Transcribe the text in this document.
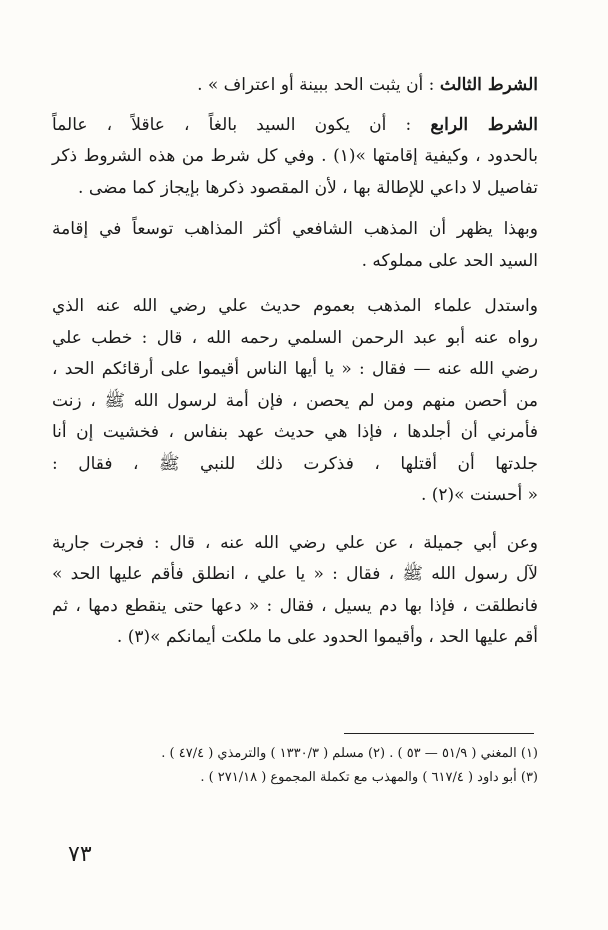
الشرط الثالث : أن يثبت الحد ببينة أو اعتراف » .

الشرط الرابع : أن يكون السيد بالغاً ، عاقلاً ، عالماً
بالحدود ، وكيفية إقامتها »(١) . وفي كل شرط من هذه الشروط ذكر
تفاصيل لا داعي للإطالة بها ، لأن المقصود ذكرها بإيجاز كما مضى .

وبهذا يظهر أن المذهب الشافعي أكثر المذاهب توسعاً في إقامة
السيد الحد على مملوكه .

واستدل علماء المذهب بعموم حديث علي رضي الله عنه الذي
رواه عنه أبو عبد الرحمن السلمي رحمه الله ، قال : خطب علي
رضي الله عنه — فقال : « يا أيها الناس أقيموا على أرقائكم الحد ،
من أحصن منهم ومن لم يحصن ، فإن أمة لرسول الله ﷺ ، زنت
فأمرني أن أجلدها ، فإذا هي حديث عهد بنفاس ، فخشيت إن أنا
جلدتها أن أقتلها ، فذكرت ذلك للنبي ﷺ ، فقال :
« أحسنت »(٢) .

وعن أبي جميلة ، عن علي رضي الله عنه ، قال : فجرت جارية
لآل رسول الله ﷺ ، فقال : « يا علي ، انطلق فأقم عليها الحد »
فانطلقت ، فإذا بها دم يسيل ، فقال : « دعها حتى ينقطع دمها ، ثم
أقم عليها الحد ، وأقيموا الحدود على ما ملكت أيمانكم »(٣) .

(١) المغني ( ٥١/٩ — ٥٣ ) . (٢) مسلم ( ١٣٣٠/٣ ) والترمذي ( ٤٧/٤ ) .
(٣) أبو داود ( ٦١٧/٤ ) والمهذب مع تكملة المجموع ( ٢٧١/١٨ ) .
٧٣
